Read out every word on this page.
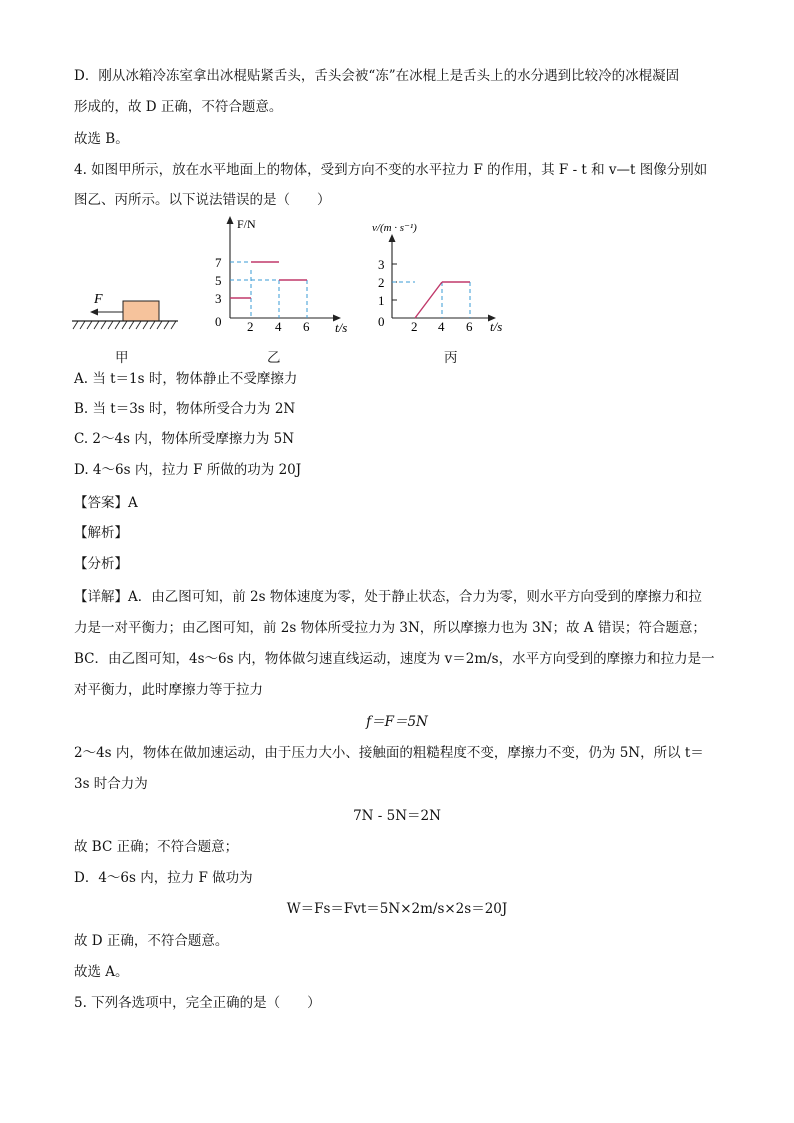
D．刚从冰箱冷冻室拿出冰棍贴紧舌头，舌头会被“冻”在冰棍上是舌头上的水分遇到比较冷的冰棍凝固
形成的，故 D 正确，不符合题意。
故选 B。
4. 如图甲所示，放在水平地面上的物体，受到方向不变的水平拉力 F 的作用，其 F - t 和 v—t 图像分别如
图乙、丙所示。以下说法错误的是（　　）
F
甲
F/N
t/s
7
5
3
0 2 4 6
乙
v/(m · s⁻¹)
t/s
3
2
1
0 2 4 6
丙
A. 当 t＝1s 时，物体静止不受摩擦力
B. 当 t＝3s 时，物体所受合力为 2N
C. 2～4s 内，物体所受摩擦力为 5N
D. 4～6s 内，拉力 F 所做的功为 20J
【答案】A
【解析】
【分析】
【详解】A．由乙图可知，前 2s 物体速度为零，处于静止状态，合力为零，则水平方向受到的摩擦力和拉
力是一对平衡力；由乙图可知，前 2s 物体所受拉力为 3N，所以摩擦力也为 3N；故 A 错误；符合题意；
BC．由乙图可知，4s～6s 内，物体做匀速直线运动，速度为 v＝2m/s，水平方向受到的摩擦力和拉力是一
对平衡力，此时摩擦力等于拉力
f＝F＝5N
2～4s 内，物体在做加速运动，由于压力大小、接触面的粗糙程度不变，摩擦力不变，仍为 5N，所以 t＝
3s 时合力为
7N - 5N＝2N
故 BC 正确；不符合题意；
D．4～6s 内，拉力 F 做功为
W＝Fs＝Fvt＝5N×2m/s×2s＝20J
故 D 正确，不符合题意。
故选 A。
5. 下列各选项中，完全正确的是（　　）
